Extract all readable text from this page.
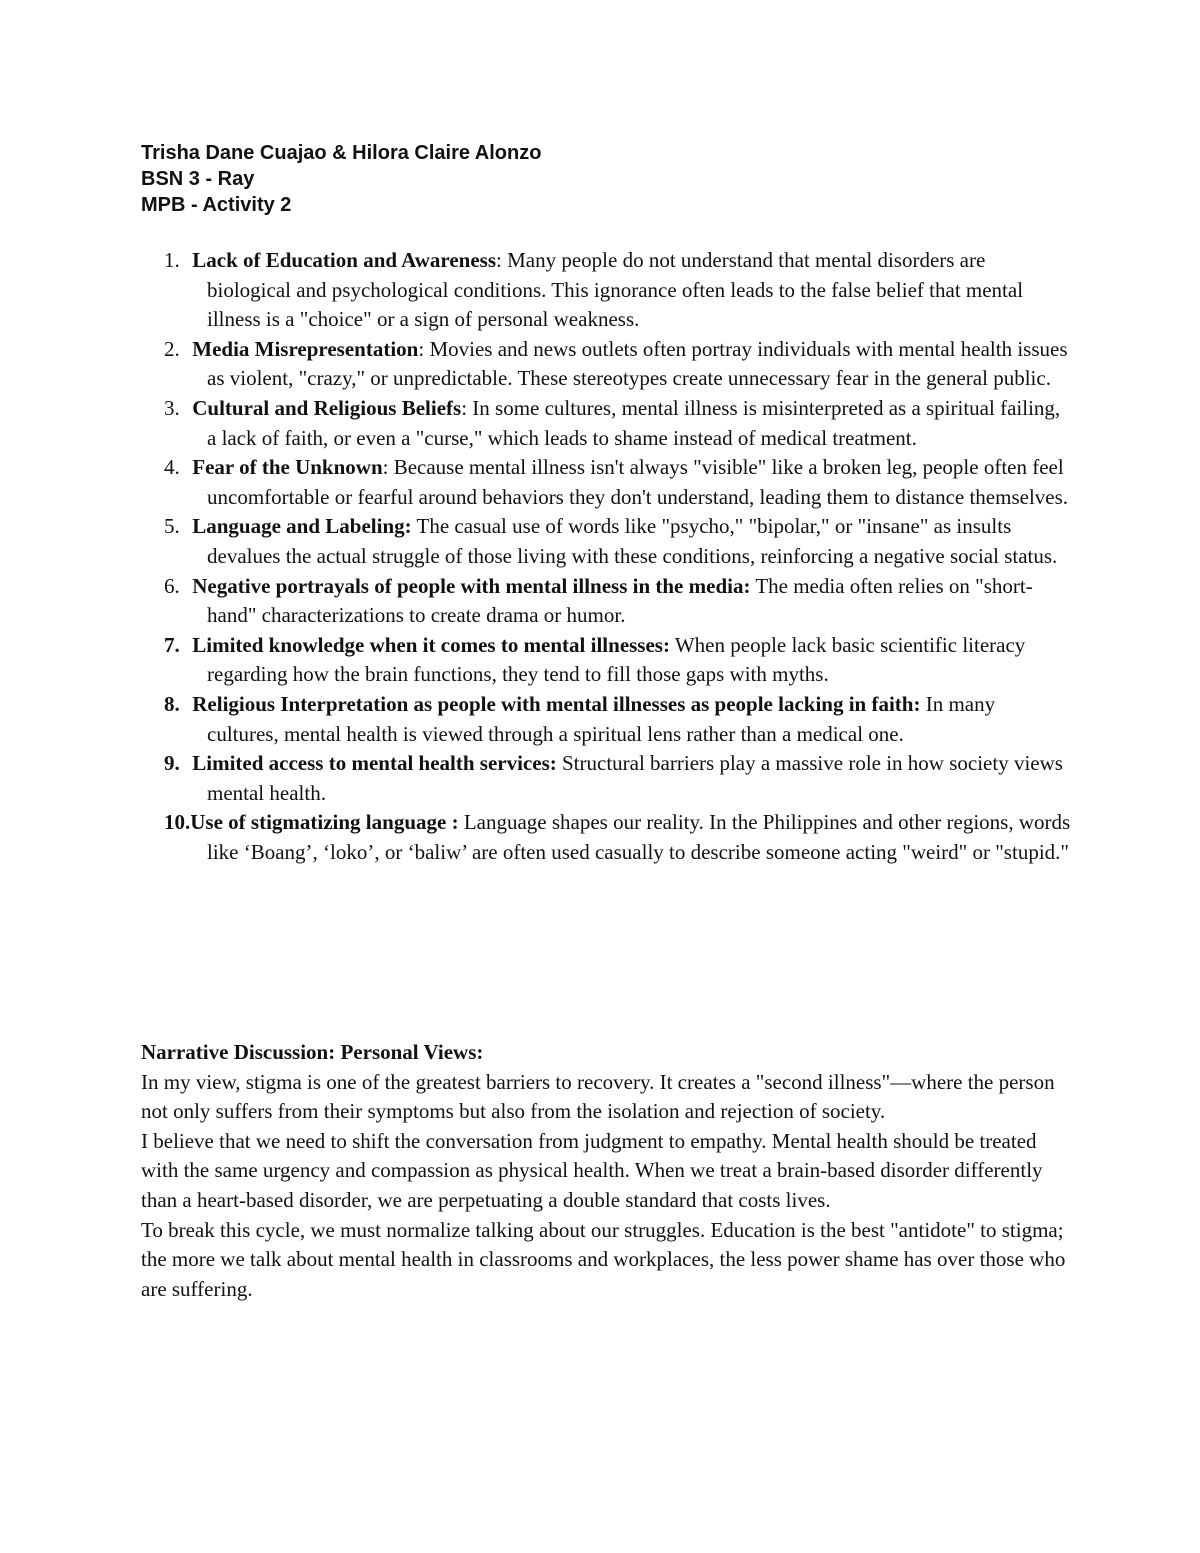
Trisha Dane Cuajao & Hilora Claire Alonzo
BSN 3 - Ray
MPB - Activity 2
1. Lack of Education and Awareness: Many people do not understand that mental disorders are biological and psychological conditions. This ignorance often leads to the false belief that mental illness is a "choice" or a sign of personal weakness.
2. Media Misrepresentation: Movies and news outlets often portray individuals with mental health issues as violent, "crazy," or unpredictable. These stereotypes create unnecessary fear in the general public.
3. Cultural and Religious Beliefs: In some cultures, mental illness is misinterpreted as a spiritual failing, a lack of faith, or even a "curse," which leads to shame instead of medical treatment.
4. Fear of the Unknown: Because mental illness isn't always "visible" like a broken leg, people often feel uncomfortable or fearful around behaviors they don't understand, leading them to distance themselves.
5. Language and Labeling: The casual use of words like "psycho," "bipolar," or "insane" as insults devalues the actual struggle of those living with these conditions, reinforcing a negative social status.
6. Negative portrayals of people with mental illness in the media: The media often relies on "short-hand" characterizations to create drama or humor.
7. Limited knowledge when it comes to mental illnesses: When people lack basic scientific literacy regarding how the brain functions, they tend to fill those gaps with myths.
8. Religious Interpretation as people with mental illnesses as people lacking in faith: In many cultures, mental health is viewed through a spiritual lens rather than a medical one.
9. Limited access to mental health services: Structural barriers play a massive role in how society views mental health.
10.Use of stigmatizing language : Language shapes our reality. In the Philippines and other regions, words like ‘Boang’, ‘loko’, or ‘baliw’ are often used casually to describe someone acting "weird" or "stupid."

Narrative Discussion: Personal Views:

In my view, stigma is one of the greatest barriers to recovery. It creates a "second illness"—where the person not only suffers from their symptoms but also from the isolation and rejection of society.

I believe that we need to shift the conversation from judgment to empathy. Mental health should be treated with the same urgency and compassion as physical health. When we treat a brain-based disorder differently than a heart-based disorder, we are perpetuating a double standard that costs lives.

To break this cycle, we must normalize talking about our struggles. Education is the best "antidote" to stigma; the more we talk about mental health in classrooms and workplaces, the less power shame has over those who are suffering.
